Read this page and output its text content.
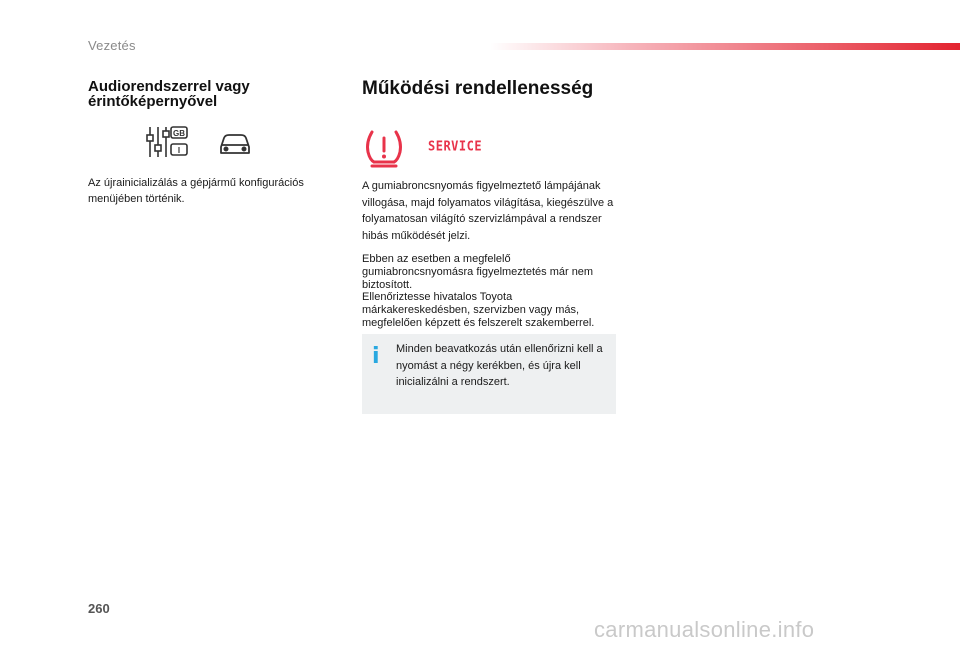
Vezetés
Audiorendszerrel vagy érintőképernyővel
GB
I
Az újrainicializálás a gépjármű konfigurációs menüjében történik.
Működési rendellenesség
SERVICE
A gumiabroncsnyomás figyelmeztető lámpájának villogása, majd folyamatos világítása, kiegészülve a folyamatosan világító szervizlámpával a rendszer hibás működését jelzi.
Ebben az esetben a megfelelő gumiabroncsnyomásra figyelmeztetés már nem biztosított.
Ellenőriztesse hivatalos Toyota márkakereskedésben, szervizben vagy más, megfelelően képzett és felszerelt szakemberrel.
i Minden beavatkozás után ellenőrizni kell a nyomást a négy kerékben, és újra kell inicializálni a rendszert.
260
carmanualsonline.info
